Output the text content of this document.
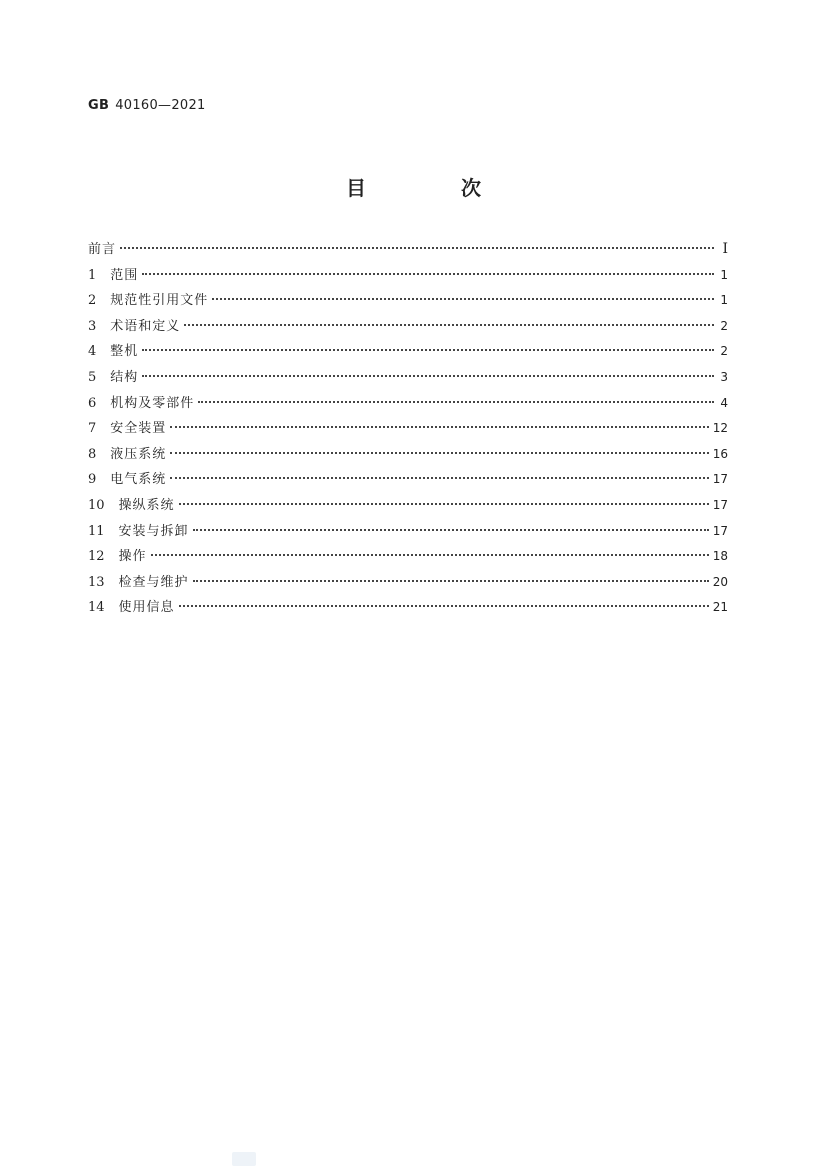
GB 40160—2021
目 次
前言	Ⅰ
1 范围	1
2 规范性引用文件	1
3 术语和定义	2
4 整机	2
5 结构	3
6 机构及零部件	4
7 安全装置	12
8 液压系统	16
9 电气系统	17
10 操纵系统	17
11 安装与拆卸	17
12 操作	18
13 检查与维护	20
14 使用信息	21
